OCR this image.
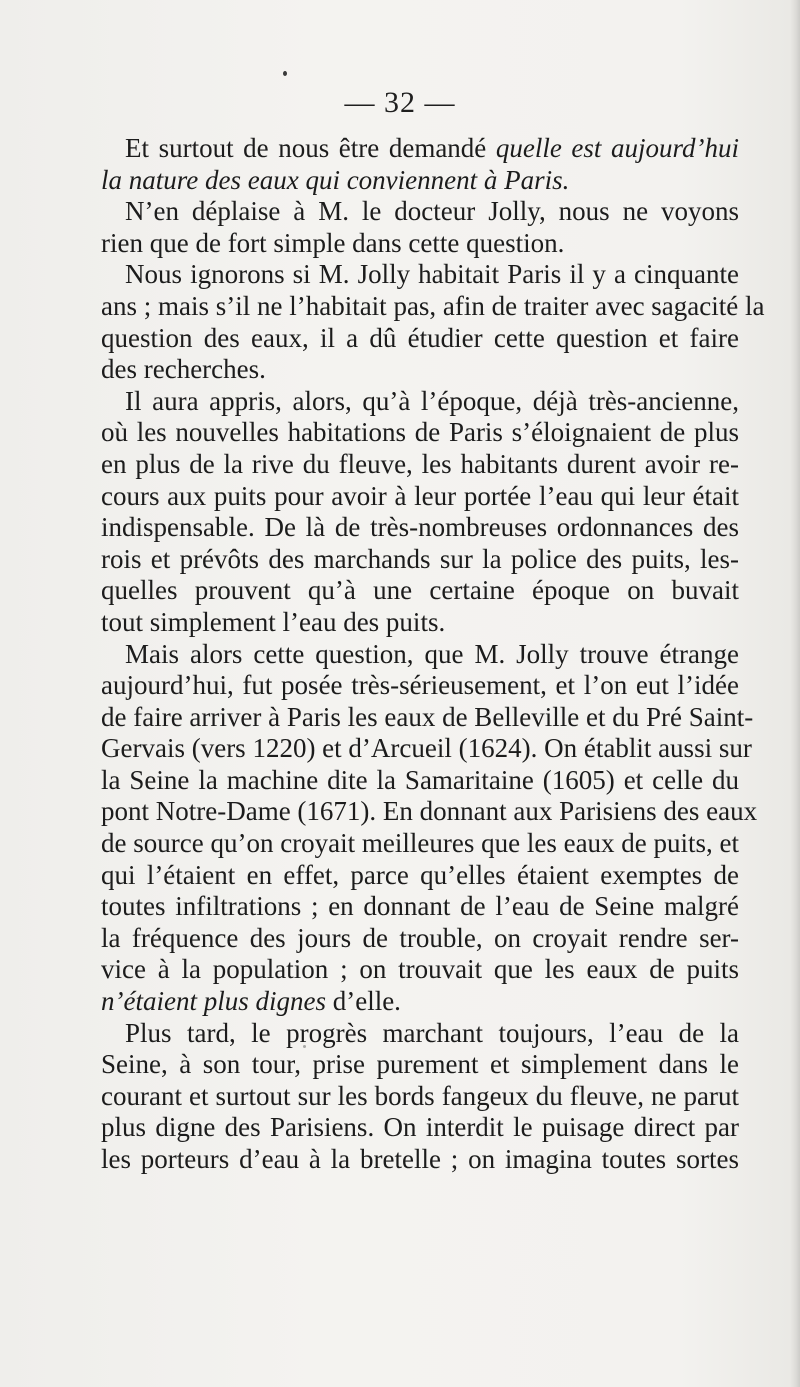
— 32 —

Et surtout de nous être demandé quelle est aujourd’hui
la nature des eaux qui conviennent à Paris.
N’en déplaise à M. le docteur Jolly, nous ne voyons
rien que de fort simple dans cette question.
Nous ignorons si M. Jolly habitait Paris il y a cinquante
ans ; mais s’il ne l’habitait pas, afin de traiter avec sagacité la
question des eaux, il a dû étudier cette question et faire
des recherches.
Il aura appris, alors, qu’à l’époque, déjà très-ancienne,
où les nouvelles habitations de Paris s’éloignaient de plus
en plus de la rive du fleuve, les habitants durent avoir re-
cours aux puits pour avoir à leur portée l’eau qui leur était
indispensable. De là de très-nombreuses ordonnances des
rois et prévôts des marchands sur la police des puits, les-
quelles prouvent qu’à une certaine époque on buvait
tout simplement l’eau des puits.
Mais alors cette question, que M. Jolly trouve étrange
aujourd’hui, fut posée très-sérieusement, et l’on eut l’idée
de faire arriver à Paris les eaux de Belleville et du Pré Saint-
Gervais (vers 1220) et d’Arcueil (1624). On établit aussi sur
la Seine la machine dite la Samaritaine (1605) et celle du
pont Notre-Dame (1671). En donnant aux Parisiens des eaux
de source qu’on croyait meilleures que les eaux de puits, et
qui l’étaient en effet, parce qu’elles étaient exemptes de
toutes infiltrations ; en donnant de l’eau de Seine malgré
la fréquence des jours de trouble, on croyait rendre ser-
vice à la population ; on trouvait que les eaux de puits
n’étaient plus dignes d’elle.
Plus tard, le progrès marchant toujours, l’eau de la
Seine, à son tour, prise purement et simplement dans le
courant et surtout sur les bords fangeux du fleuve, ne parut
plus digne des Parisiens. On interdit le puisage direct par
les porteurs d’eau à la bretelle ; on imagina toutes sortes
